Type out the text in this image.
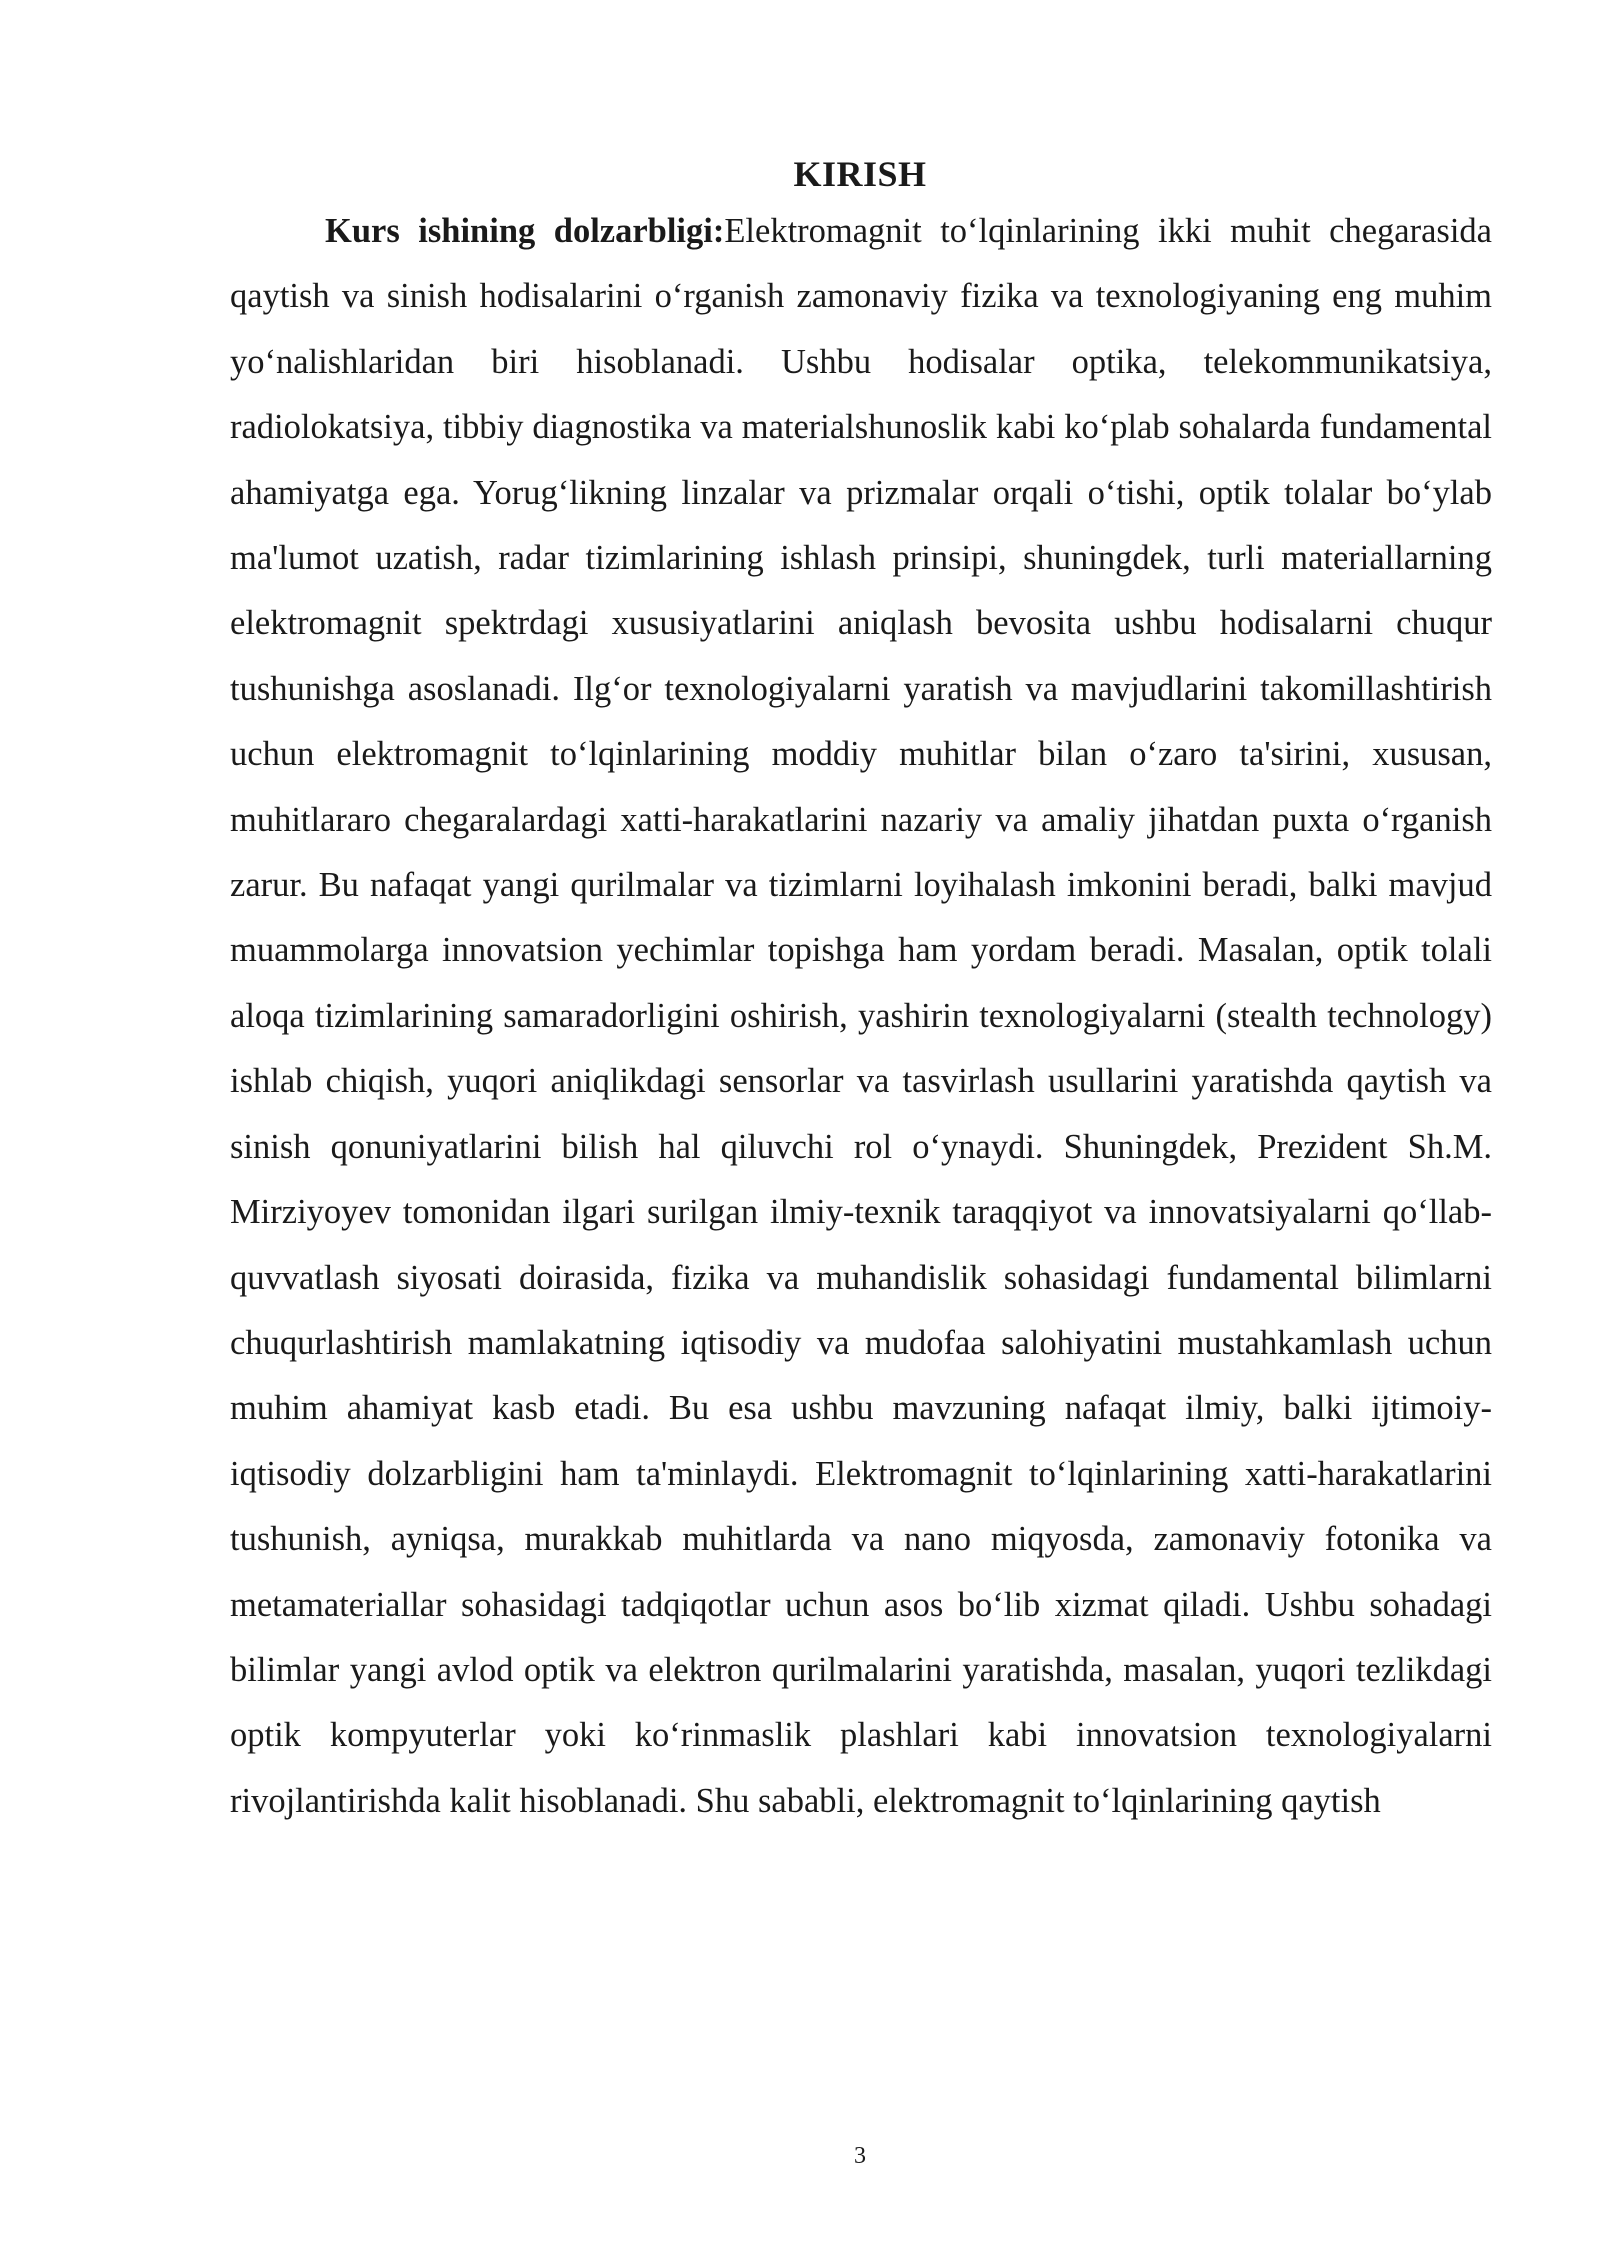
KIRISH

Kurs ishining dolzarbligi:Elektromagnit to‘lqinlarining ikki muhit chegarasida qaytish va sinish hodisalarini o‘rganish zamonaviy fizika va texnologiyaning eng muhim yo‘nalishlaridan biri hisoblanadi. Ushbu hodisalar optika, telekommunikatsiya, radiolokatsiya, tibbiy diagnostika va materialshunoslik kabi ko‘plab sohalarda fundamental ahamiyatga ega. Yorug‘likning linzalar va prizmalar orqali o‘tishi, optik tolalar bo‘ylab ma'lumot uzatish, radar tizimlarining ishlash prinsipi, shuningdek, turli materiallarning elektromagnit spektrdagi xususiyatlarini aniqlash bevosita ushbu hodisalarni chuqur tushunishga asoslanadi. Ilg‘or texnologiyalarni yaratish va mavjudlarini takomillashtirish uchun elektromagnit to‘lqinlarining moddiy muhitlar bilan o‘zaro ta'sirini, xususan, muhitlararo chegaralardagi xatti-harakatlarini nazariy va amaliy jihatdan puxta o‘rganish zarur. Bu nafaqat yangi qurilmalar va tizimlarni loyihalash imkonini beradi, balki mavjud muammolarga innovatsion yechimlar topishga ham yordam beradi. Masalan, optik tolali aloqa tizimlarining samaradorligini oshirish, yashirin texnologiyalarni (stealth technology) ishlab chiqish, yuqori aniqlikdagi sensorlar va tasvirlash usullarini yaratishda qaytish va sinish qonuniyatlarini bilish hal qiluvchi rol o‘ynaydi. Shuningdek, Prezident Sh.M. Mirziyoyev tomonidan ilgari surilgan ilmiy-texnik taraqqiyot va innovatsiyalarni qo‘llab-quvvatlash siyosati doirasida, fizika va muhandislik sohasidagi fundamental bilimlarni chuqurlashtirish mamlakatning iqtisodiy va mudofaa salohiyatini mustahkamlash uchun muhim ahamiyat kasb etadi. Bu esa ushbu mavzuning nafaqat ilmiy, balki ijtimoiy-iqtisodiy dolzarbligini ham ta'minlaydi. Elektromagnit to‘lqinlarining xatti-harakatlarini tushunish, ayniqsa, murakkab muhitlarda va nano miqyosda, zamonaviy fotonika va metamateriallar sohasidagi tadqiqotlar uchun asos bo‘lib xizmat qiladi. Ushbu sohadagi bilimlar yangi avlod optik va elektron qurilmalarini yaratishda, masalan, yuqori tezlikdagi optik kompyuterlar yoki ko‘rinmaslik plashlari kabi innovatsion texnologiyalarni rivojlantirishda kalit hisoblanadi. Shu sababli, elektromagnit to‘lqinlarining qaytish

3
